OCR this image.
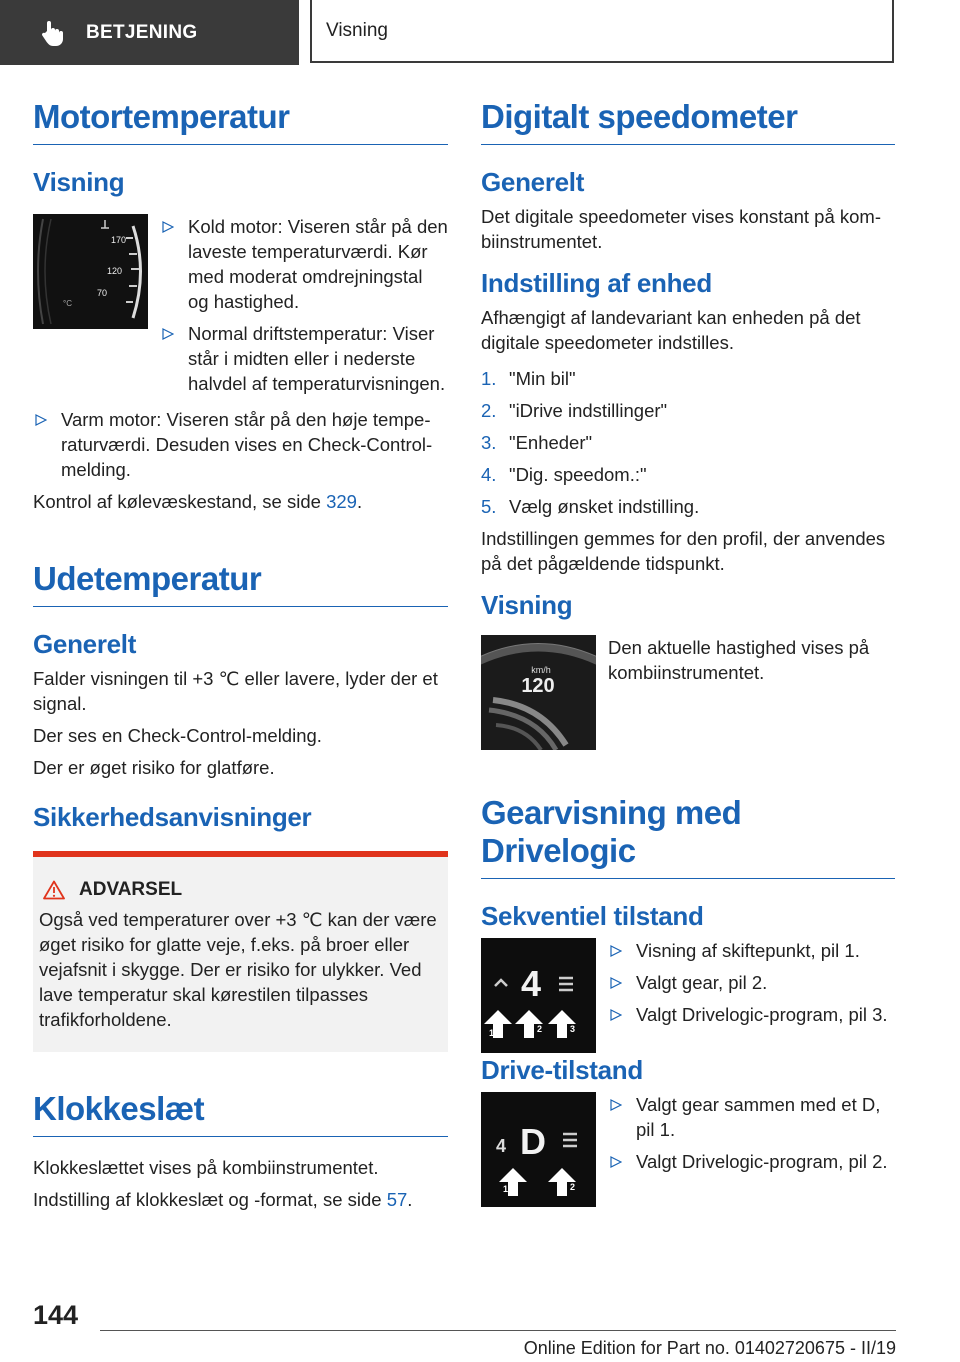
BETJENING	Visning
Motortemperatur
Visning
170
120
70
°C
Kold motor: Viseren står på den laveste temperaturværdi. Kør med moderat omdrejningstal og hastighed.
Normal driftstemperatur: Viser står i midten eller i nederste halvdel af temperaturvisningen.
Varm motor: Viseren står på den høje temperaturværdi. Desuden vises en Check-Control-melding.

Kontrol af kølevæskestand, se side 329.

Udetemperatur
Generelt

Falder visningen til +3 ℃ eller lavere, lyder der et signal.

Der ses en Check-Control-melding.

Der er øget risiko for glatføre.

Sikkerhedsanvisninger
ADVARSEL

Også ved temperaturer over +3 ℃ kan der være øget risiko for glatte veje, f.eks. på broer eller vejafsnit i skygge. Der er risiko for ulykker. Ved lave temperatur skal kørestilen tilpasses trafikforholdene.

Klokkeslæt

Klokkeslættet vises på kombiinstrumentet.

Indstilling af klokkeslæt og -format, se side 57.

Digitalt speedometer
Generelt

Det digitale speedometer vises konstant på kombiinstrumentet.

Indstilling af enhed

Afhængigt af landevariant kan enheden på det digitale speedometer indstilles.

1. "Min bil"
2. "iDrive indstillinger"
3. "Enheder"
4. "Dig. speedom.:"
5. Vælg ønsket indstilling.

Indstillingen gemmes for den profil, der anvendes på det pågældende tidspunkt.

Visning
km/h
120

Den aktuelle hastighed vises på kombiinstrumentet.

Gearvisning med Drivelogic
Sekventiel tilstand
4
1	2	3
Visning af skiftepunkt, pil 1.
Valgt gear, pil 2.
Valgt Drivelogic-program, pil 3.
Drive-tilstand
4 D
1	2
Valgt gear sammen med et D, pil 1.
Valgt Drivelogic-program, pil 2.
144
Online Edition for Part no. 01402720675 - II/19
